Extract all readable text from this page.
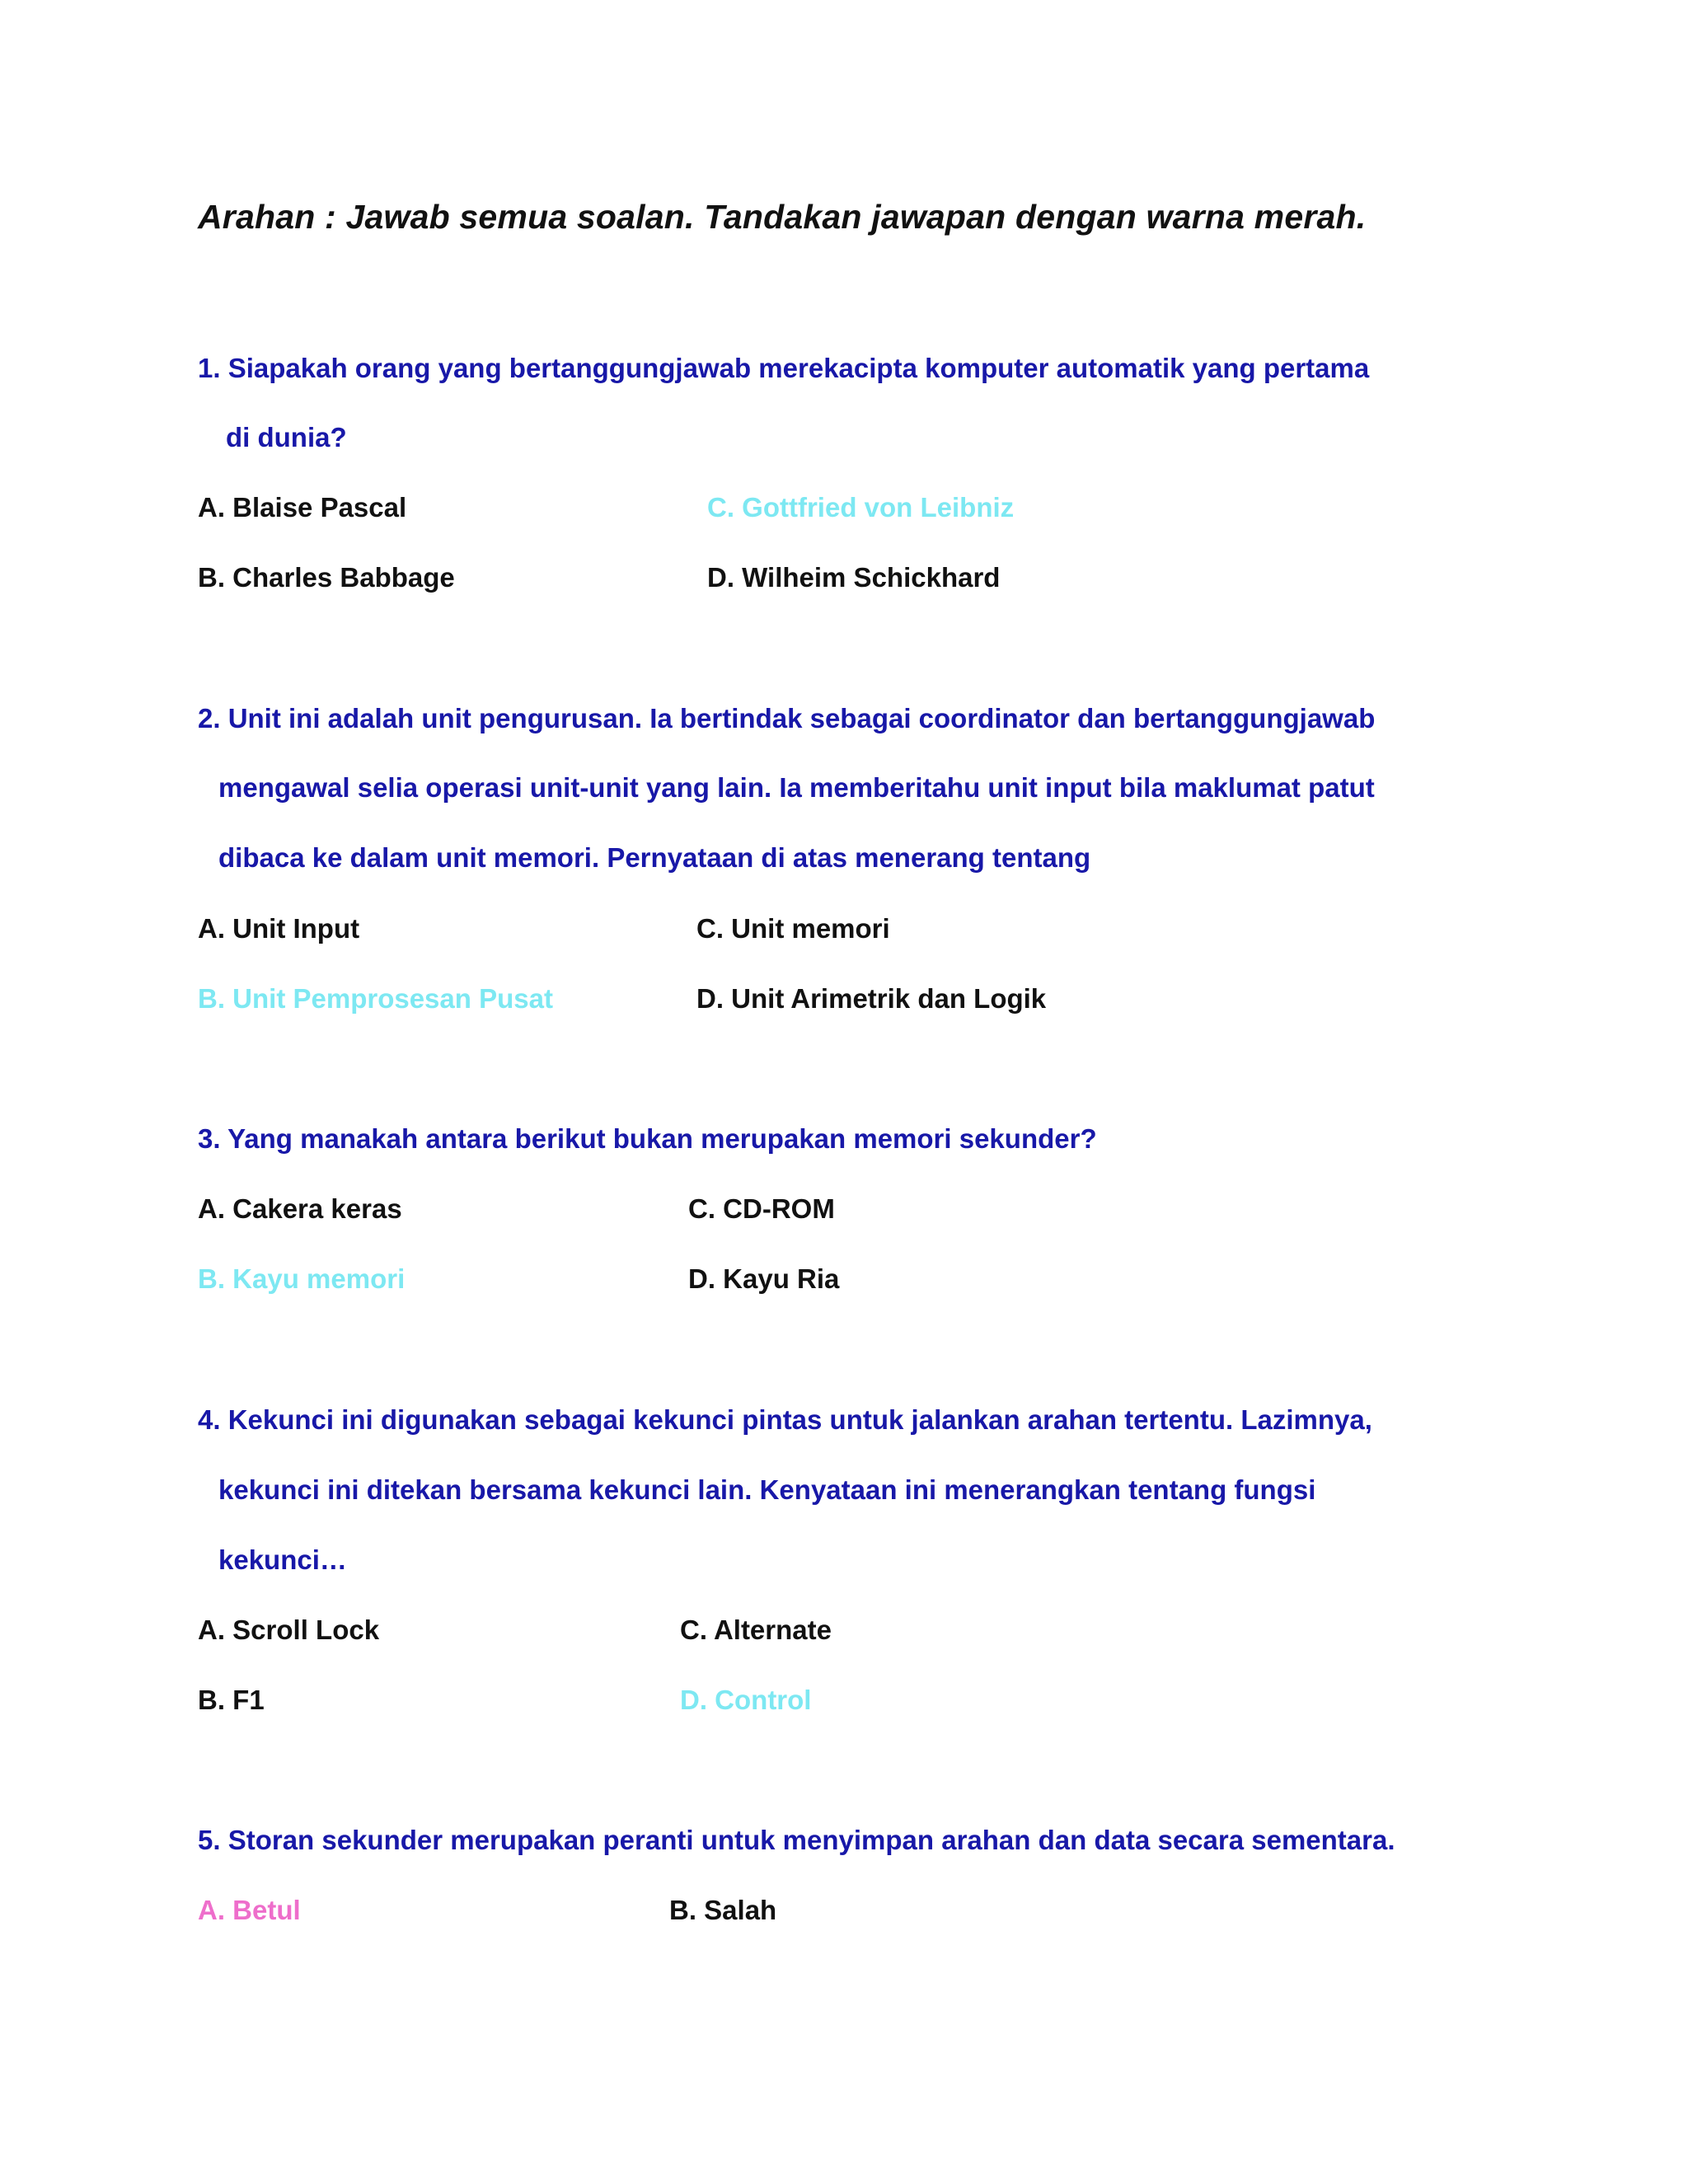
Arahan : Jawab semua soalan. Tandakan jawapan dengan warna merah.
1. Siapakah orang yang bertanggungjawab merekacipta komputer automatik yang pertama
di dunia?
A. Blaise Pascal	C. Gottfried von Leibniz
B. Charles Babbage	D. Wilheim Schickhard
2. Unit ini adalah unit pengurusan. Ia bertindak sebagai coordinator dan bertanggungjawab
mengawal selia operasi unit-unit yang lain. Ia memberitahu unit input bila maklumat patut
dibaca ke dalam unit memori. Pernyataan di atas menerang tentang
A. Unit Input	C. Unit memori
B. Unit Pemprosesan Pusat	D. Unit Arimetrik dan Logik
3. Yang manakah antara berikut bukan merupakan memori sekunder?
A. Cakera keras	C. CD-ROM
B. Kayu memori	D. Kayu Ria
4. Kekunci ini digunakan sebagai kekunci pintas untuk jalankan arahan tertentu. Lazimnya,
kekunci ini ditekan bersama kekunci lain. Kenyataan ini menerangkan tentang fungsi
kekunci…
A. Scroll Lock	C. Alternate
B. F1	D. Control
5. Storan sekunder merupakan peranti untuk menyimpan arahan dan data secara sementara.
A. Betul	B. Salah
